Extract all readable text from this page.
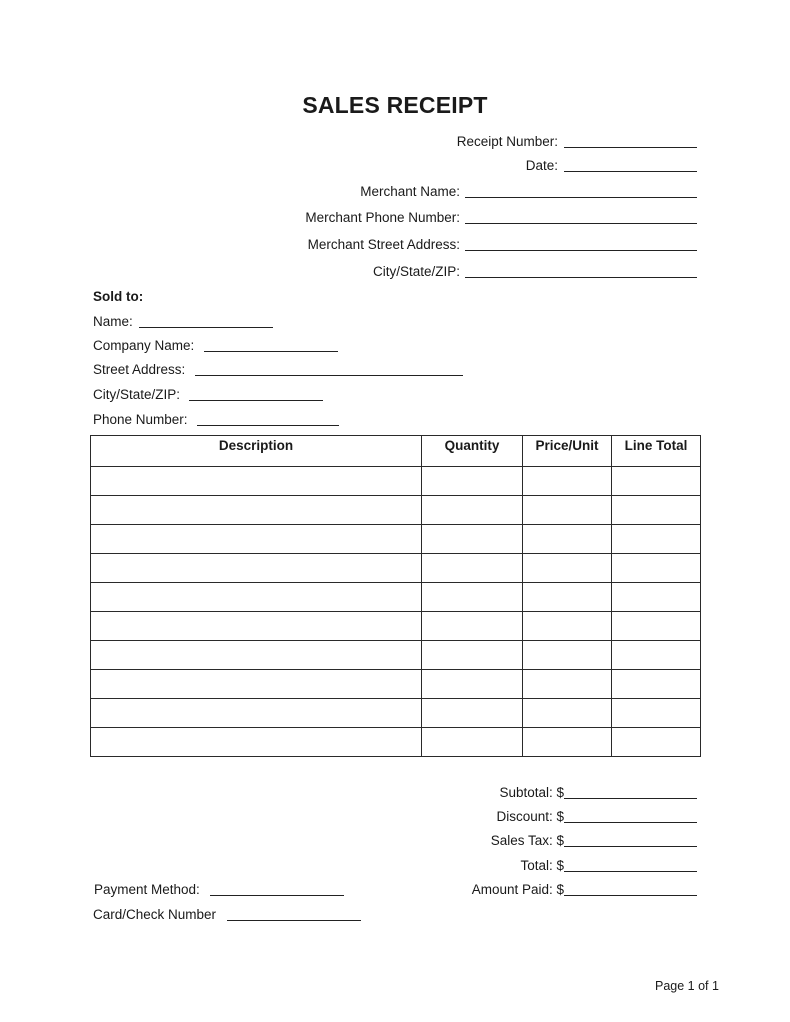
SALES RECEIPT
Receipt Number:
Date:
Merchant Name:
Merchant Phone Number:
Merchant Street Address:
City/State/ZIP:
Sold to:
Name:
Company Name:
Street Address:
City/State/ZIP:
Phone Number:
Description	Quantity	Price/Unit	Line Total

Subtotal: $
Discount: $
Sales Tax: $
Total: $
Amount Paid: $
Payment Method:
Card/Check Number
Page 1 of 1
